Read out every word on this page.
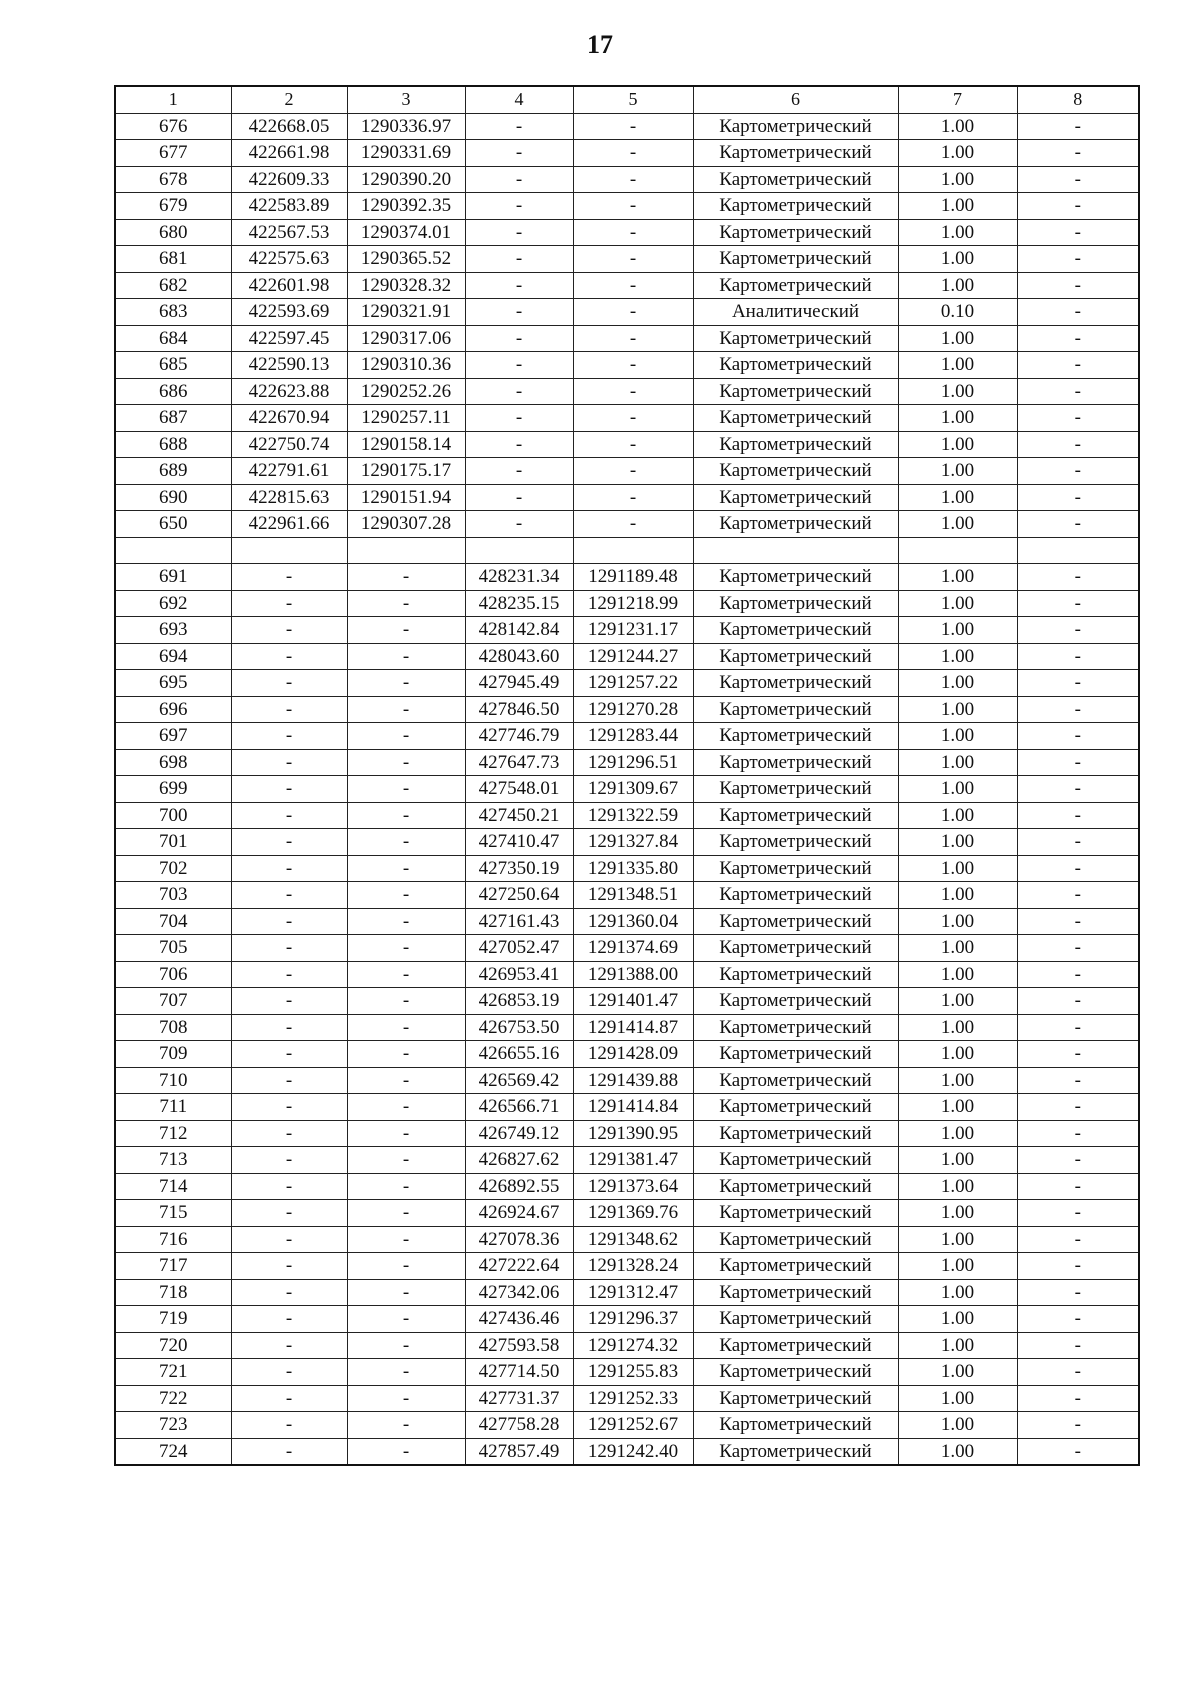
17
1	2	3	4	5	6	7	8
676	422668.05	1290336.97	-	-	Картометрический	1.00	-
677	422661.98	1290331.69	-	-	Картометрический	1.00	-
678	422609.33	1290390.20	-	-	Картометрический	1.00	-
679	422583.89	1290392.35	-	-	Картометрический	1.00	-
680	422567.53	1290374.01	-	-	Картометрический	1.00	-
681	422575.63	1290365.52	-	-	Картометрический	1.00	-
682	422601.98	1290328.32	-	-	Картометрический	1.00	-
683	422593.69	1290321.91	-	-	Аналитический	0.10	-
684	422597.45	1290317.06	-	-	Картометрический	1.00	-
685	422590.13	1290310.36	-	-	Картометрический	1.00	-
686	422623.88	1290252.26	-	-	Картометрический	1.00	-
687	422670.94	1290257.11	-	-	Картометрический	1.00	-
688	422750.74	1290158.14	-	-	Картометрический	1.00	-
689	422791.61	1290175.17	-	-	Картометрический	1.00	-
690	422815.63	1290151.94	-	-	Картометрический	1.00	-
650	422961.66	1290307.28	-	-	Картометрический	1.00	-

691	-	-	428231.34	1291189.48	Картометрический	1.00	-
692	-	-	428235.15	1291218.99	Картометрический	1.00	-
693	-	-	428142.84	1291231.17	Картометрический	1.00	-
694	-	-	428043.60	1291244.27	Картометрический	1.00	-
695	-	-	427945.49	1291257.22	Картометрический	1.00	-
696	-	-	427846.50	1291270.28	Картометрический	1.00	-
697	-	-	427746.79	1291283.44	Картометрический	1.00	-
698	-	-	427647.73	1291296.51	Картометрический	1.00	-
699	-	-	427548.01	1291309.67	Картометрический	1.00	-
700	-	-	427450.21	1291322.59	Картометрический	1.00	-
701	-	-	427410.47	1291327.84	Картометрический	1.00	-
702	-	-	427350.19	1291335.80	Картометрический	1.00	-
703	-	-	427250.64	1291348.51	Картометрический	1.00	-
704	-	-	427161.43	1291360.04	Картометрический	1.00	-
705	-	-	427052.47	1291374.69	Картометрический	1.00	-
706	-	-	426953.41	1291388.00	Картометрический	1.00	-
707	-	-	426853.19	1291401.47	Картометрический	1.00	-
708	-	-	426753.50	1291414.87	Картометрический	1.00	-
709	-	-	426655.16	1291428.09	Картометрический	1.00	-
710	-	-	426569.42	1291439.88	Картометрический	1.00	-
711	-	-	426566.71	1291414.84	Картометрический	1.00	-
712	-	-	426749.12	1291390.95	Картометрический	1.00	-
713	-	-	426827.62	1291381.47	Картометрический	1.00	-
714	-	-	426892.55	1291373.64	Картометрический	1.00	-
715	-	-	426924.67	1291369.76	Картометрический	1.00	-
716	-	-	427078.36	1291348.62	Картометрический	1.00	-
717	-	-	427222.64	1291328.24	Картометрический	1.00	-
718	-	-	427342.06	1291312.47	Картометрический	1.00	-
719	-	-	427436.46	1291296.37	Картометрический	1.00	-
720	-	-	427593.58	1291274.32	Картометрический	1.00	-
721	-	-	427714.50	1291255.83	Картометрический	1.00	-
722	-	-	427731.37	1291252.33	Картометрический	1.00	-
723	-	-	427758.28	1291252.67	Картометрический	1.00	-
724	-	-	427857.49	1291242.40	Картометрический	1.00	-
